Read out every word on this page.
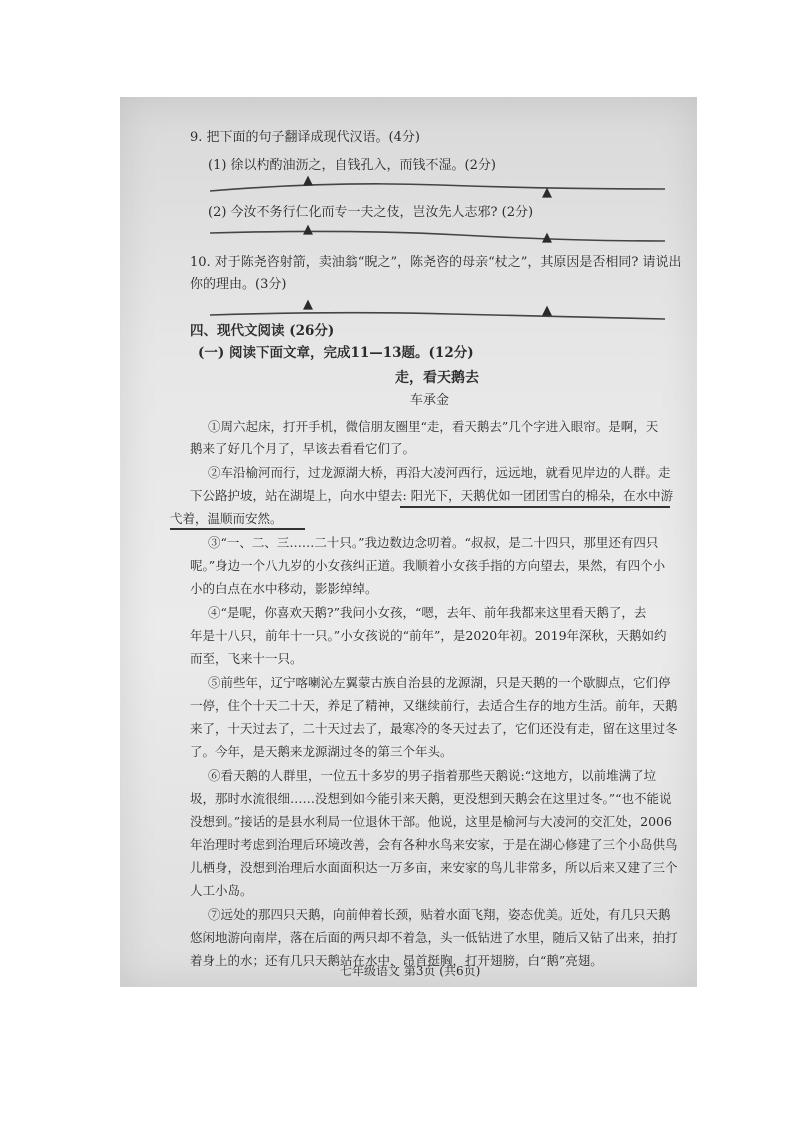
9. 把下面的句子翻译成现代汉语。(4分)
(1) 徐以杓酌油沥之，自钱孔入，而钱不湿。(2分)
▲
▲
(2) 今汝不务行仁化而专一夫之伎，岂汝先人志邪? (2分)
▲
▲
10. 对于陈尧咨射箭，卖油翁“睨之”，陈尧咨的母亲“杖之”，其原因是否相同? 请说出
你的理由。(3分)
▲	▲
四、现代文阅读 (26分)
(一) 阅读下面文章，完成11—13题。(12分)
走，看天鹅去
车承金
①周六起床，打开手机，微信朋友圈里“走，看天鹅去”几个字进入眼帘。是啊，天
鹅来了好几个月了，早该去看看它们了。
②车沿榆河而行，过龙源湖大桥，再沿大凌河西行，远远地，就看见岸边的人群。走
下公路护坡，站在湖堤上，向水中望去: 阳光下，天鹅优如一团团雪白的棉朵，在水中游
弋着，温顺而安然。
③“一、二、三……二十只。”我边数边念叨着。“叔叔，是二十四只，那里还有四只
呢。”身边一个八九岁的小女孩纠正道。我顺着小女孩手指的方向望去，果然，有四个小
小的白点在水中移动，影影绰绰。
④“是呢，你喜欢天鹅?”我问小女孩，“嗯，去年、前年我都来这里看天鹅了，去
年是十八只，前年十一只。”小女孩说的“前年”，是2020年初。2019年深秋，天鹅如约
而至，飞来十一只。
⑤前些年，辽宁喀喇沁左翼蒙古族自治县的龙源湖，只是天鹅的一个歇脚点，它们停
一停，住个十天二十天，养足了精神，又继续前行，去适合生存的地方生活。前年，天鹅
来了，十天过去了，二十天过去了，最寒冷的冬天过去了，它们还没有走，留在这里过冬
了。今年，是天鹅来龙源湖过冬的第三个年头。
⑥看天鹅的人群里，一位五十多岁的男子指着那些天鹅说:“这地方，以前堆满了垃
圾，那时水流很细……没想到如今能引来天鹅，更没想到天鹅会在这里过冬。”“也不能说
没想到。”接话的是县水利局一位退休干部。他说，这里是榆河与大凌河的交汇处，2006
年治理时考虑到治理后环境改善，会有各种水鸟来安家，于是在湖心修建了三个小岛供鸟
儿栖身，没想到治理后水面面积达一万多亩，来安家的鸟儿非常多，所以后来又建了三个
人工小岛。
⑦远处的那四只天鹅，向前伸着长颈，贴着水面飞翔，姿态优美。近处，有几只天鹅
悠闲地游向南岸，落在后面的两只却不着急，头一低钻进了水里，随后又钻了出来，拍打
着身上的水；还有几只天鹅站在水中，昂首挺胸，打开翅膀，白“鹅”亮翅。
七年级语文 第3页 (共6页)
